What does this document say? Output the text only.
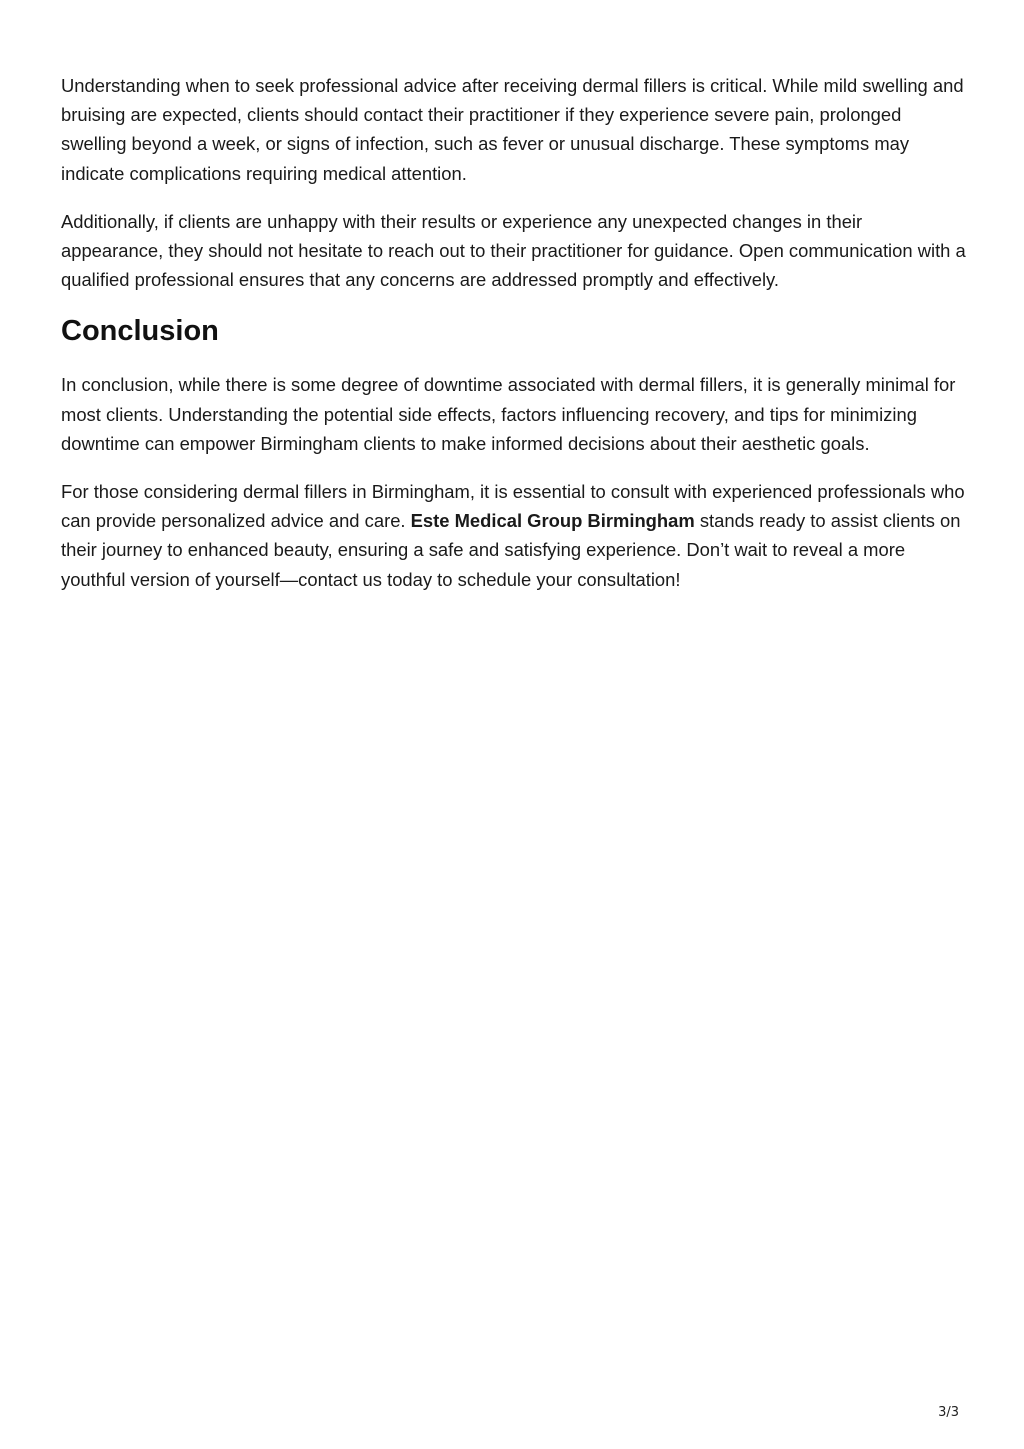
Understanding when to seek professional advice after receiving dermal fillers is critical. While mild swelling and bruising are expected, clients should contact their practitioner if they experience severe pain, prolonged swelling beyond a week, or signs of infection, such as fever or unusual discharge. These symptoms may indicate complications requiring medical attention.

Additionally, if clients are unhappy with their results or experience any unexpected changes in their appearance, they should not hesitate to reach out to their practitioner for guidance. Open communication with a qualified professional ensures that any concerns are addressed promptly and effectively.

Conclusion

In conclusion, while there is some degree of downtime associated with dermal fillers, it is generally minimal for most clients. Understanding the potential side effects, factors influencing recovery, and tips for minimizing downtime can empower Birmingham clients to make informed decisions about their aesthetic goals.

For those considering dermal fillers in Birmingham, it is essential to consult with experienced professionals who can provide personalized advice and care. Este Medical Group Birmingham stands ready to assist clients on their journey to enhanced beauty, ensuring a safe and satisfying experience. Don’t wait to reveal a more youthful version of yourself—contact us today to schedule your consultation!

3/3
